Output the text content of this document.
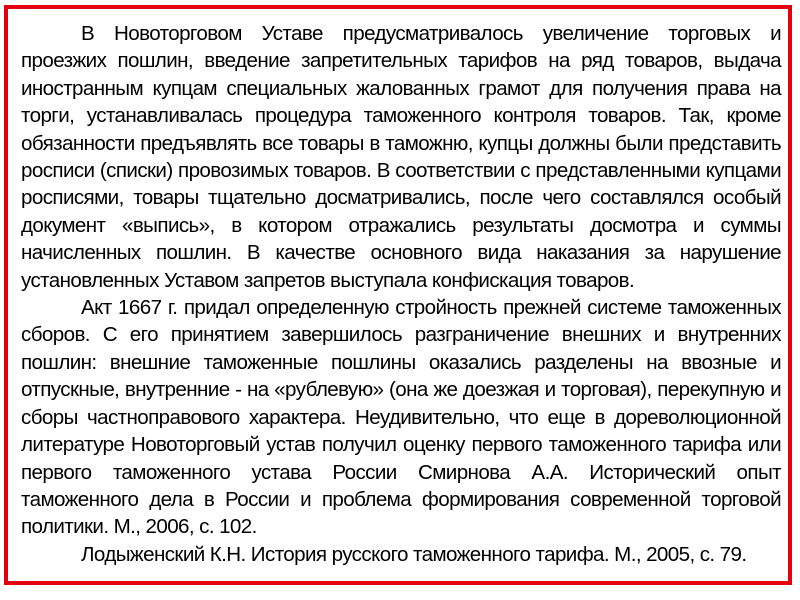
В Новоторговом Уставе предусматривалось увеличение торговых и проезжих пошлин, введение запретительных тарифов на ряд товаров, выдача иностранным купцам специальных жалованных грамот для получения права на торги, устанавливалась процедура таможенного контроля товаров. Так, кроме обязанности предъявлять все товары в таможню, купцы должны были представить росписи (списки) провозимых товаров. В соответствии с представленными купцами росписями, товары тщательно досматривались, после чего составлялся особый документ «выпись», в котором отражались результаты досмотра и суммы начисленных пошлин. В качестве основного вида наказания за нарушение установленных Уставом запретов выступала конфискация товаров.

Акт 1667 г. придал определенную стройность прежней системе таможенных сборов. С его принятием завершилось разграничение внешних и внутренних пошлин: внешние таможенные пошлины оказались разделены на ввозные и отпускные, внутренние - на «рублевую» (она же доезжая и торговая), перекупную и сборы частноправового характера. Неудивительно, что еще в дореволюционной литературе Новоторговый устав получил оценку первого таможенного тарифа или первого таможенного устава России Смирнова А.А. Исторический опыт таможенного дела в России и проблема формирования современной торговой политики. М., 2006, с. 102.

Лодыженский К.Н. История русского таможенного тарифа. М., 2005, с. 79.
